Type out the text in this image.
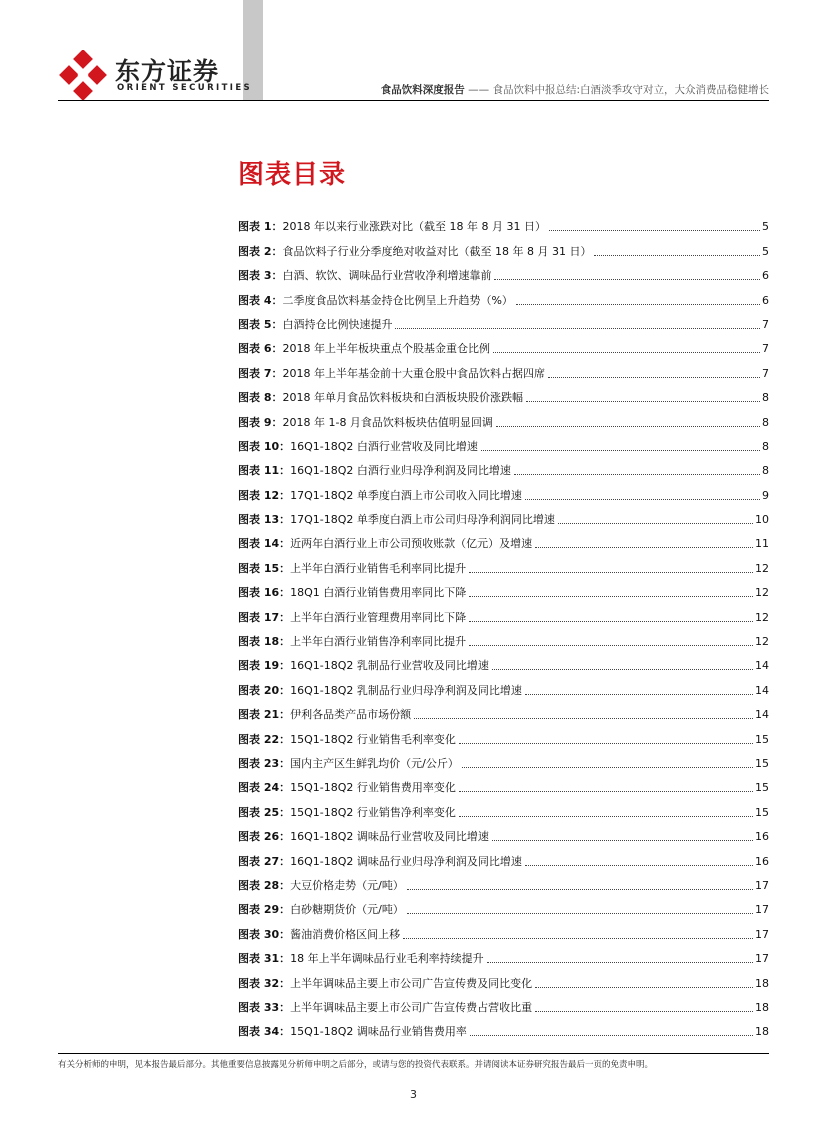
东方证券
ORIENT SECURITIES	食品饮料深度报告 —— 食品饮料中报总结:白酒淡季攻守对立，大众消费品稳健增长
图表目录
图表 1： 2018 年以来行业涨跌对比（截至 18 年 8 月 31 日）	5
图表 2： 食品饮料子行业分季度绝对收益对比（截至 18 年 8 月 31 日）	5
图表 3： 白酒、软饮、调味品行业营收净利增速靠前	6
图表 4： 二季度食品饮料基金持仓比例呈上升趋势（%）	6
图表 5： 白酒持仓比例快速提升	7
图表 6： 2018 年上半年板块重点个股基金重仓比例	7
图表 7： 2018 年上半年基金前十大重仓股中食品饮料占据四席	7
图表 8： 2018 年单月食品饮料板块和白酒板块股价涨跌幅	8
图表 9： 2018 年 1-8 月食品饮料板块估值明显回调	8
图表 10： 16Q1-18Q2 白酒行业营收及同比增速	8
图表 11： 16Q1-18Q2 白酒行业归母净利润及同比增速	8
图表 12： 17Q1-18Q2 单季度白酒上市公司收入同比增速	9
图表 13： 17Q1-18Q2 单季度白酒上市公司归母净利润同比增速	10
图表 14： 近两年白酒行业上市公司预收账款（亿元）及增速	11
图表 15： 上半年白酒行业销售毛利率同比提升	12
图表 16： 18Q1 白酒行业销售费用率同比下降	12
图表 17： 上半年白酒行业管理费用率同比下降	12
图表 18： 上半年白酒行业销售净利率同比提升	12
图表 19： 16Q1-18Q2 乳制品行业营收及同比增速	14
图表 20： 16Q1-18Q2 乳制品行业归母净利润及同比增速	14
图表 21： 伊利各品类产品市场份额	14
图表 22： 15Q1-18Q2 行业销售毛利率变化	15
图表 23： 国内主产区生鲜乳均价（元/公斤）	15
图表 24： 15Q1-18Q2 行业销售费用率变化	15
图表 25： 15Q1-18Q2 行业销售净利率变化	15
图表 26： 16Q1-18Q2 调味品行业营收及同比增速	16
图表 27： 16Q1-18Q2 调味品行业归母净利润及同比增速	16
图表 28： 大豆价格走势（元/吨）	17
图表 29： 白砂糖期货价（元/吨）	17
图表 30： 酱油消费价格区间上移	17
图表 31： 18 年上半年调味品行业毛利率持续提升	17
图表 32： 上半年调味品主要上市公司广告宣传费及同比变化	18
图表 33： 上半年调味品主要上市公司广告宣传费占营收比重	18
图表 34： 15Q1-18Q2 调味品行业销售费用率	18
有关分析师的申明，见本报告最后部分。其他重要信息披露见分析师申明之后部分，或请与您的投资代表联系。并请阅读本证券研究报告最后一页的免责申明。
3
